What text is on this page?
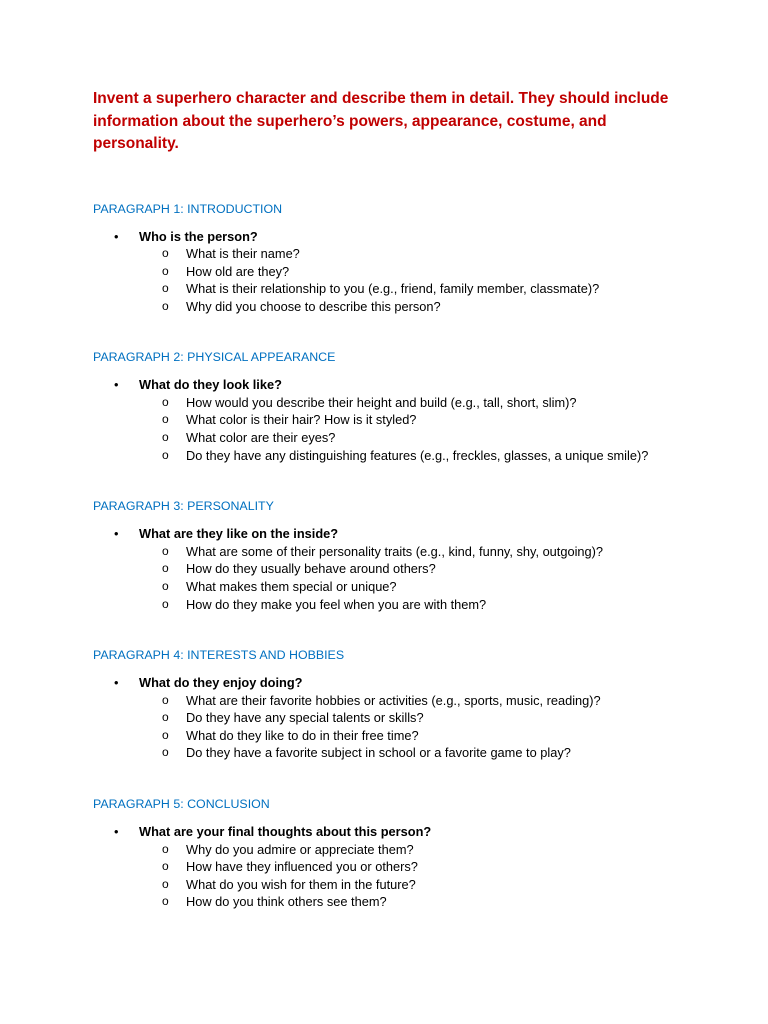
Invent a superhero character and describe them in detail. They should include information about the superhero’s powers, appearance, costume, and personality.

PARAGRAPH 1: INTRODUCTION
• Who is the person?
o What is their name?
o How old are they?
o What is their relationship to you (e.g., friend, family member, classmate)?
o Why did you choose to describe this person?
PARAGRAPH 2: PHYSICAL APPEARANCE
• What do they look like?
o How would you describe their height and build (e.g., tall, short, slim)?
o What color is their hair? How is it styled?
o What color are their eyes?
o Do they have any distinguishing features (e.g., freckles, glasses, a unique smile)?
PARAGRAPH 3: PERSONALITY
• What are they like on the inside?
o What are some of their personality traits (e.g., kind, funny, shy, outgoing)?
o How do they usually behave around others?
o What makes them special or unique?
o How do they make you feel when you are with them?
PARAGRAPH 4: INTERESTS AND HOBBIES
• What do they enjoy doing?
o What are their favorite hobbies or activities (e.g., sports, music, reading)?
o Do they have any special talents or skills?
o What do they like to do in their free time?
o Do they have a favorite subject in school or a favorite game to play?
PARAGRAPH 5: CONCLUSION
• What are your final thoughts about this person?
o Why do you admire or appreciate them?
o How have they influenced you or others?
o What do you wish for them in the future?
o How do you think others see them?
